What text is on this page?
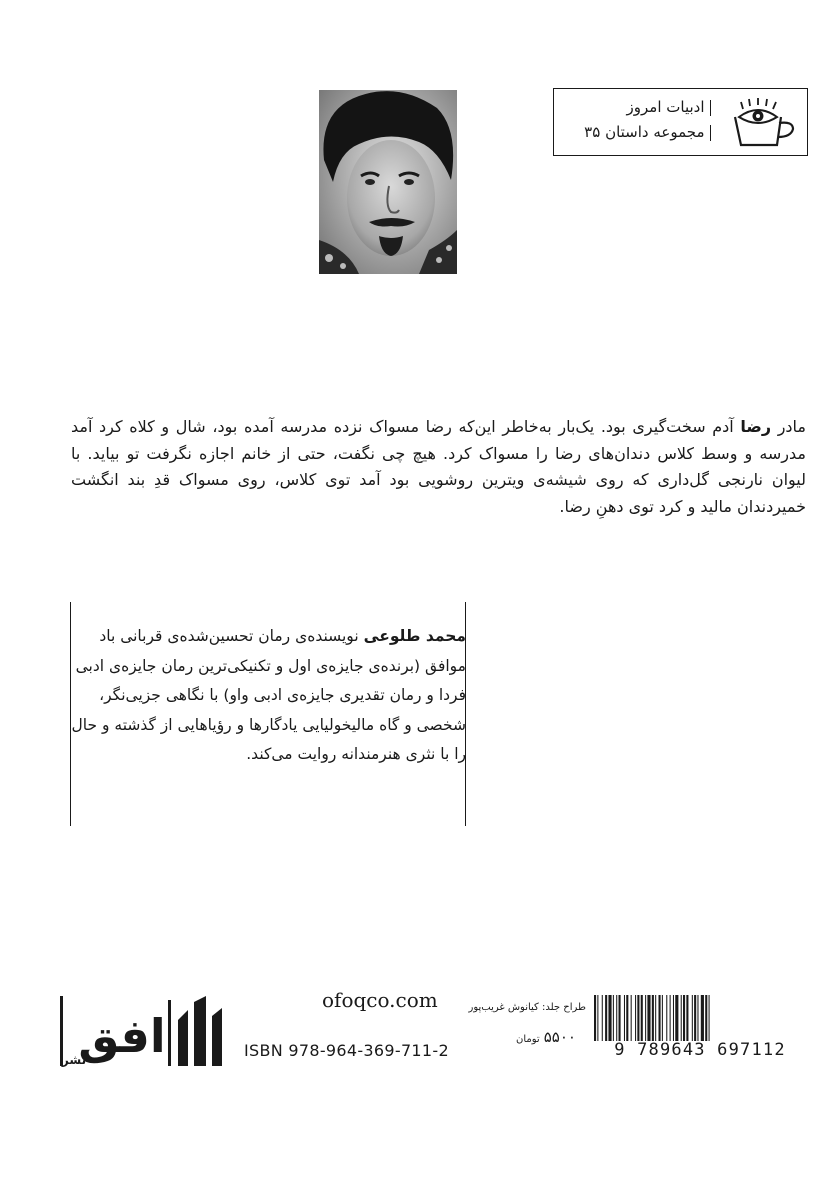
ادبیات امروز
مجموعه داستان ۳۵
مادر رضا آدم سخت‌گیری بود. یک‌بار به‌خاطر این‌که رضا مسواک نزده مدرسه آمده بود، شال و کلاه کرد آمد مدرسه و وسط کلاس دندان‌های رضا را مسواک کرد. هیچ چی نگفت، حتی از خانم اجازه نگرفت تو بیاید. با لیوان نارنجی گل‌داری که روی شیشه‌ی ویترین روشویی بود آمد توی کلاس، روی مسواک قدِ بند انگشت خمیردندان مالید و کرد توی دهنِ رضا.
محمد طلوعی نویسنده‌ی رمان تحسین‌شده‌ی قربانی باد موافق (برنده‌ی جایزه‌ی اول و تکنیکی‌ترین رمان جایزه‌ی ادبی فردا و رمان تقدیری جایزه‌ی ادبی واو) با نگاهی جزیی‌نگر، شخصی و گاه مالیخولیایی یادگارها و رؤیاهایی از گذشته و حال را با نثری هنرمندانه روایت می‌کند.
افق
نشر
ofoqco.com
ISBN 978-964-369-711-2
طراح جلد: کیانوش غریب‌پور
۵۵۰۰تومان
9 789643 697112
